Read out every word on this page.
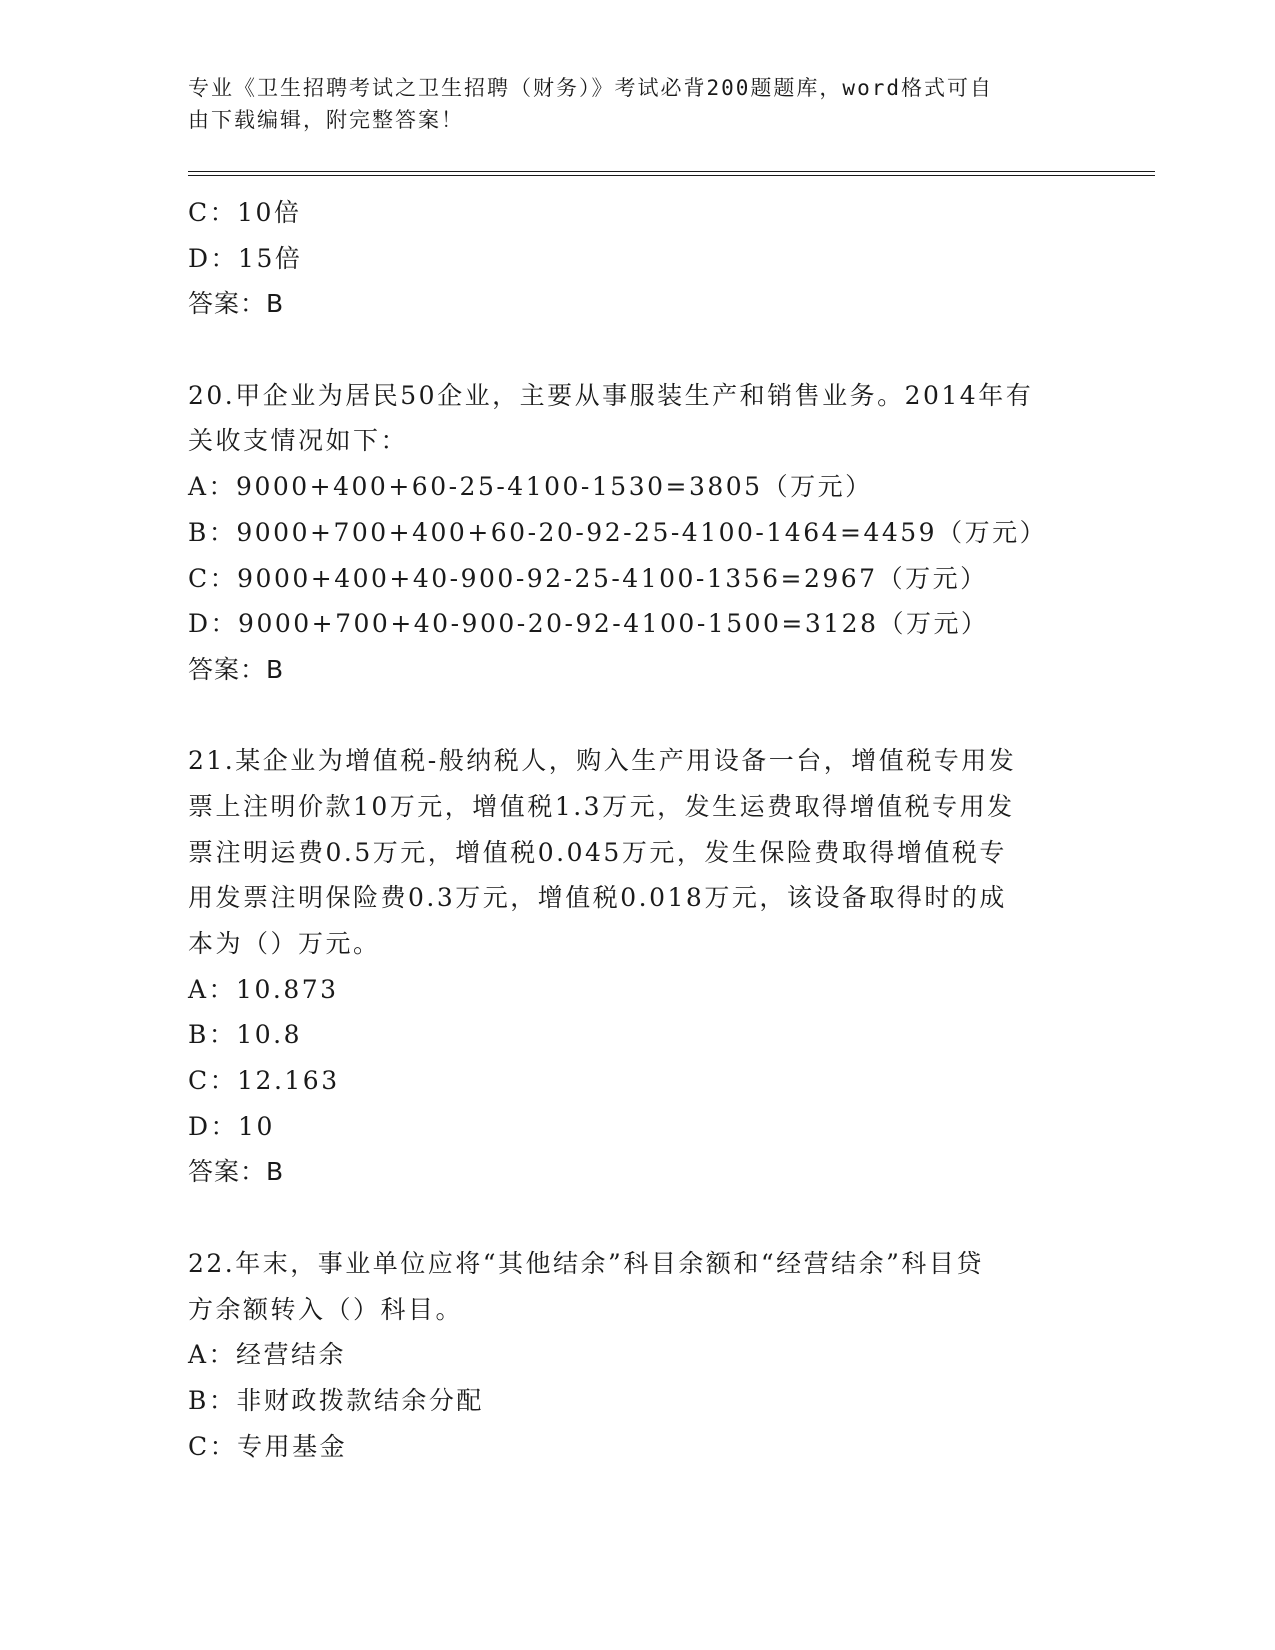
专业《卫生招聘考试之卫生招聘（财务）》考试必背200题题库，word格式可自
由下载编辑，附完整答案！
C：10倍
D：15倍
答案：B
20.甲企业为居民50企业，主要从事服装生产和销售业务。2014年有
关收支情况如下：
A：9000+400+60-25-4100-1530=3805（万元）
B：9000+700+400+60-20-92-25-4100-1464=4459（万元）
C：9000+400+40-900-92-25-4100-1356=2967（万元）
D：9000+700+40-900-20-92-4100-1500=3128（万元）
答案：B
21.某企业为增值税-般纳税人，购入生产用设备一台，增值税专用发
票上注明价款10万元，增值税1.3万元，发生运费取得增值税专用发
票注明运费0.5万元，增值税0.045万元，发生保险费取得增值税专
用发票注明保险费0.3万元，增值税0.018万元，该设备取得时的成
本为（）万元。
A：10.873
B：10.8
C：12.163
D：10
答案：B
22.年末，事业单位应将“其他结余”科目余额和“经营结余”科目贷
方余额转入（）科目。
A：经营结余
B：非财政拨款结余分配
C：专用基金
